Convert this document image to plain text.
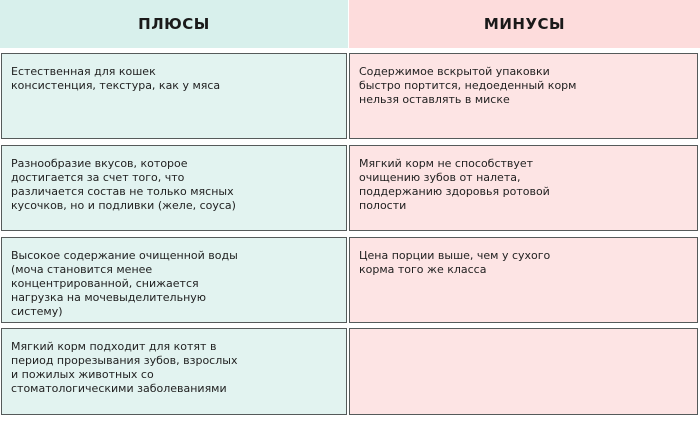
ПЛЮСЫ
Естественная для кошек
консистенция, текстура, как у мяса
Разнообразие вкусов, которое
достигается за счет того, что
различается состав не только мясных
кусочков, но и подливки (желе, соуса)
Высокое содержание очищенной воды
(моча становится менее
концентрированной, снижается
нагрузка на мочевыделительную
систему)
Мягкий корм подходит для котят в
период прорезывания зубов, взрослых
и пожилых животных со
стоматологическими заболеваниями
МИНУСЫ
Содержимое вскрытой упаковки
быстро портится, недоеденный корм
нельзя оставлять в миске
Мягкий корм не способствует
очищению зубов от налета,
поддержанию здоровья ротовой
полости
Цена порции выше, чем у сухого
корма того же класса
